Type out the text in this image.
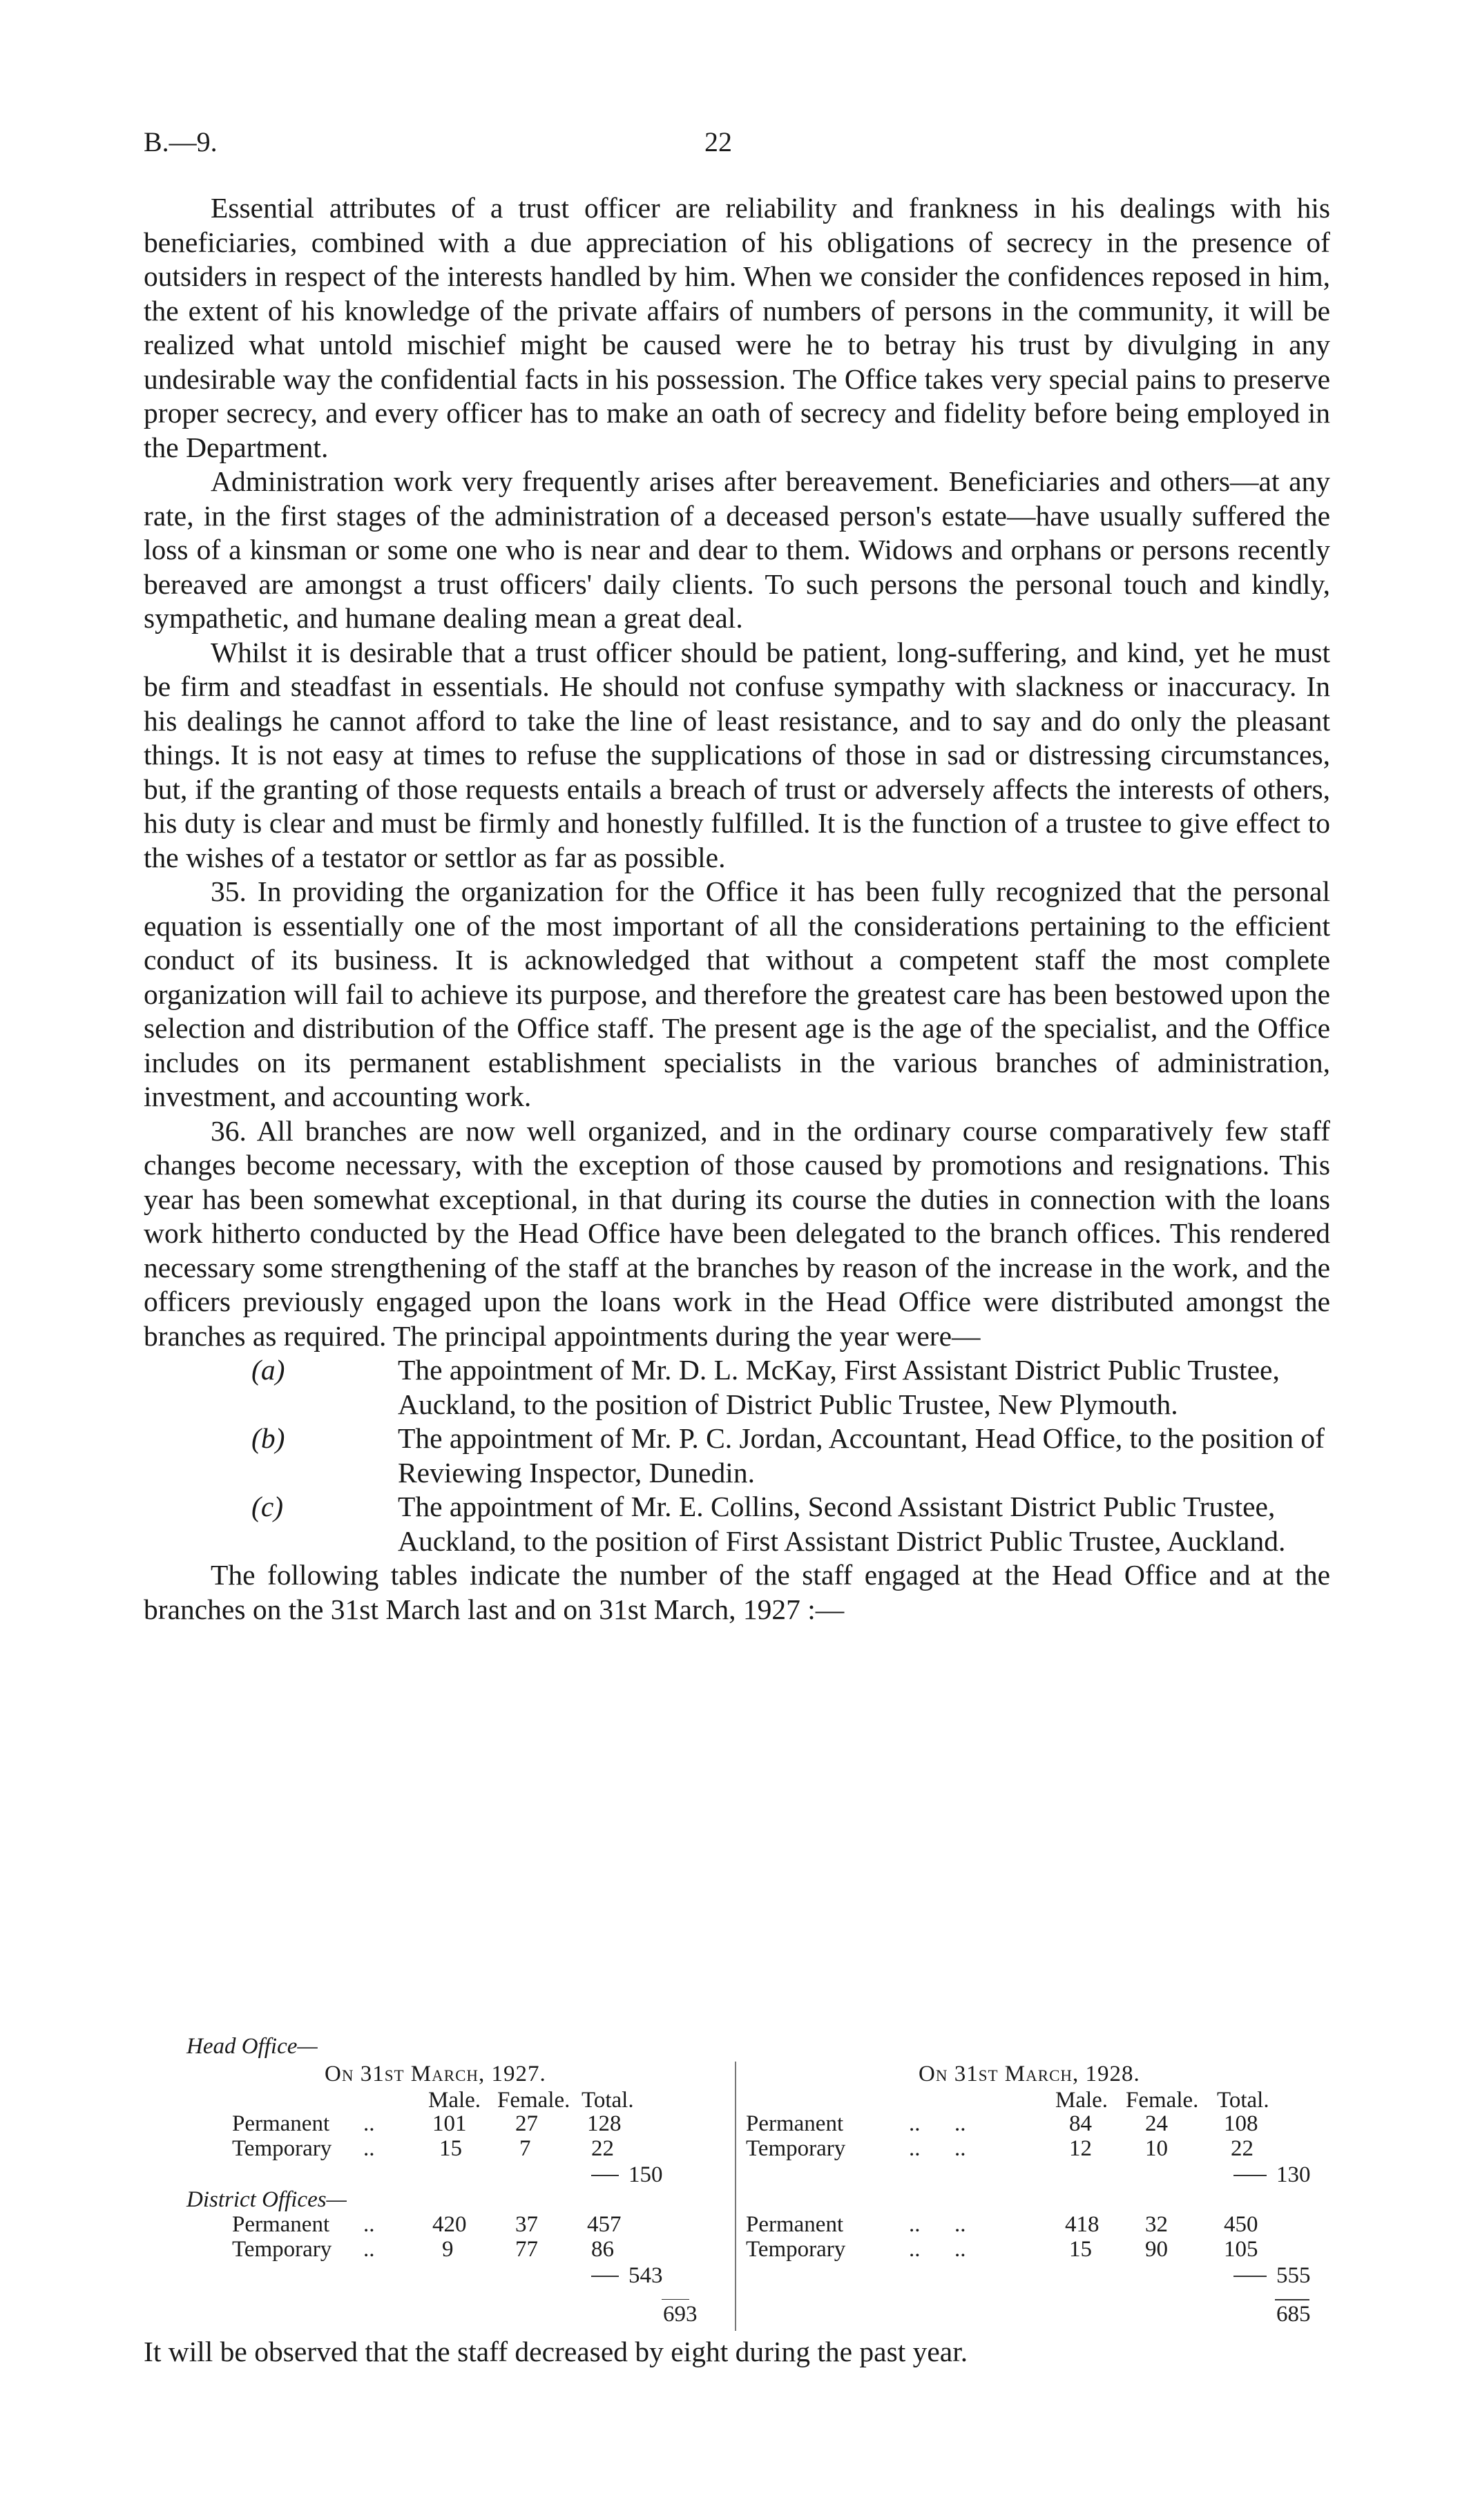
B.—9.	22

Essential attributes of a trust officer are reliability and frankness in his dealings with his beneficiaries, combined with a due appreciation of his obligations of secrecy in the presence of outsiders in respect of the interests handled by him. When we consider the confidences reposed in him, the extent of his knowledge of the private affairs of numbers of persons in the community, it will be realized what untold mischief might be caused were he to betray his trust by divulging in any undesirable way the confidential facts in his possession. The Office takes very special pains to preserve proper secrecy, and every officer has to make an oath of secrecy and fidelity before being employed in the Department.

Administration work very frequently arises after bereavement. Beneficiaries and others—at any rate, in the first stages of the administration of a deceased person's estate—have usually suffered the loss of a kinsman or some one who is near and dear to them. Widows and orphans or persons recently bereaved are amongst a trust officers' daily clients. To such persons the personal touch and kindly, sympathetic, and humane dealing mean a great deal.

Whilst it is desirable that a trust officer should be patient, long-suffering, and kind, yet he must be firm and steadfast in essentials. He should not confuse sympathy with slackness or inaccuracy. In his dealings he cannot afford to take the line of least resistance, and to say and do only the pleasant things. It is not easy at times to refuse the supplications of those in sad or distressing circumstances, but, if the granting of those requests entails a breach of trust or adversely affects the interests of others, his duty is clear and must be firmly and honestly fulfilled. It is the function of a trustee to give effect to the wishes of a testator or settlor as far as possible.

35. In providing the organization for the Office it has been fully recognized that the personal equation is essentially one of the most important of all the considerations pertaining to the efficient conduct of its business. It is acknowledged that without a competent staff the most complete organization will fail to achieve its purpose, and therefore the greatest care has been bestowed upon the selection and distribution of the Office staff. The present age is the age of the specialist, and the Office includes on its permanent establishment specialists in the various branches of administration, investment, and accounting work.

36. All branches are now well organized, and in the ordinary course comparatively few staff changes become necessary, with the exception of those caused by promotions and resignations. This year has been somewhat exceptional, in that during its course the duties in connection with the loans work hitherto conducted by the Head Office have been delegated to the branch offices. This rendered necessary some strengthening of the staff at the branches by reason of the increase in the work, and the officers previously engaged upon the loans work in the Head Office were distributed amongst the branches as required. The principal appointments during the year were—

(a)	The appointment of Mr. D. L. McKay, First Assistant District Public Trustee, Auckland, to the position of District Public Trustee, New Plymouth.
(b)	The appointment of Mr. P. C. Jordan, Accountant, Head Office, to the position of Reviewing Inspector, Dunedin.
(c)	The appointment of Mr. E. Collins, Second Assistant District Public Trustee, Auckland, to the position of First Assistant District Public Trustee, Auckland.

The following tables indicate the number of the staff engaged at the Head Office and at the branches on the 31st March last and on 31st March, 1927 :—

Head Office—
On 31st March, 1927.
Male. Female. Total.
Permanent ..	101 27 128
Temporary ..	15	7	22
150
District Offices—
Permanent ..	420 37 457
Temporary ..	9	77 86
543
693
On 31st March, 1928.
Male. Female. Total.
Permanent	..      ..	84 24 108
Temporary	..      ..	12 10	22
130
Permanent	..      ..	418 32 450
Temporary	..      ..	15 90 105
555
685
It will be observed that the staff decreased by eight during the past year.
